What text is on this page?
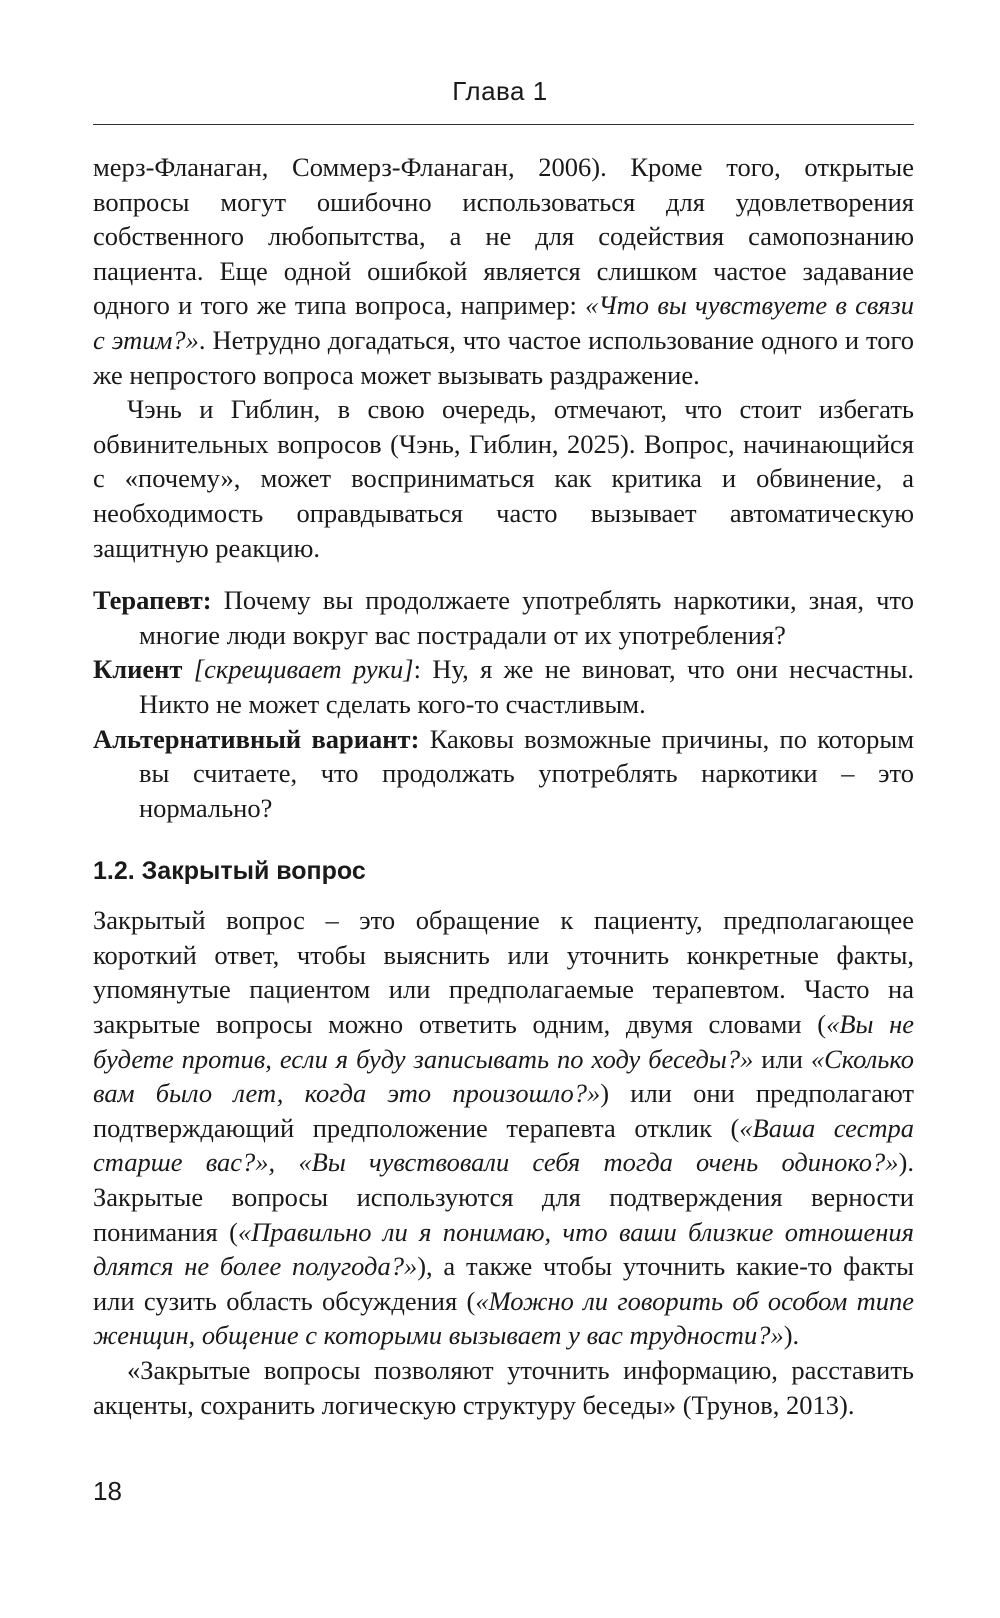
Глава 1

мерз-Фланаган, Соммерз-Фланаган, 2006). Кроме того, открытые вопросы могут ошибочно использоваться для удовлетворения собственного любопытства, а не для содействия самопознанию пациента. Еще одной ошибкой является слишком частое задавание одного и того же типа вопроса, например: «Что вы чувствуете в связи с этим?». Нетрудно догадаться, что частое использование одного и того же непростого вопроса может вызывать раздражение.

Чэнь и Гиблин, в свою очередь, отмечают, что стоит избегать обвинительных вопросов (Чэнь, Гиблин, 2025). Вопрос, начинающийся с «почему», может восприниматься как критика и обвинение, а необходимость оправдываться часто вызывает автоматическую защитную реакцию.

Терапевт: Почему вы продолжаете употреблять наркотики, зная, что многие люди вокруг вас пострадали от их употребления?
Клиент [скрещивает руки]: Ну, я же не виноват, что они несчастны. Никто не может сделать кого-то счастливым.
Альтернативный вариант: Каковы возможные причины, по которым вы считаете, что продолжать употреблять наркотики – это нормально?
1.2. Закрытый вопрос

Закрытый вопрос – это обращение к пациенту, предполагающее короткий ответ, чтобы выяснить или уточнить конкретные факты, упомянутые пациентом или предполагаемые терапевтом. Часто на закрытые вопросы можно ответить одним, двумя словами («Вы не будете против, если я буду записывать по ходу беседы?» или «Сколько вам было лет, когда это произошло?») или они предполагают подтверждающий предположение терапевта отклик («Ваша сестра старше вас?», «Вы чувствовали себя тогда очень одиноко?»). Закрытые вопросы используются для подтверждения верности понимания («Правильно ли я понимаю, что ваши близкие отношения длятся не более полугода?»), а также чтобы уточнить какие-то факты или сузить область обсуждения («Можно ли говорить об особом типе женщин, общение с которыми вызывает у вас трудности?»).

«Закрытые вопросы позволяют уточнить информацию, расставить акценты, сохранить логическую структуру беседы» (Трунов, 2013).

18
